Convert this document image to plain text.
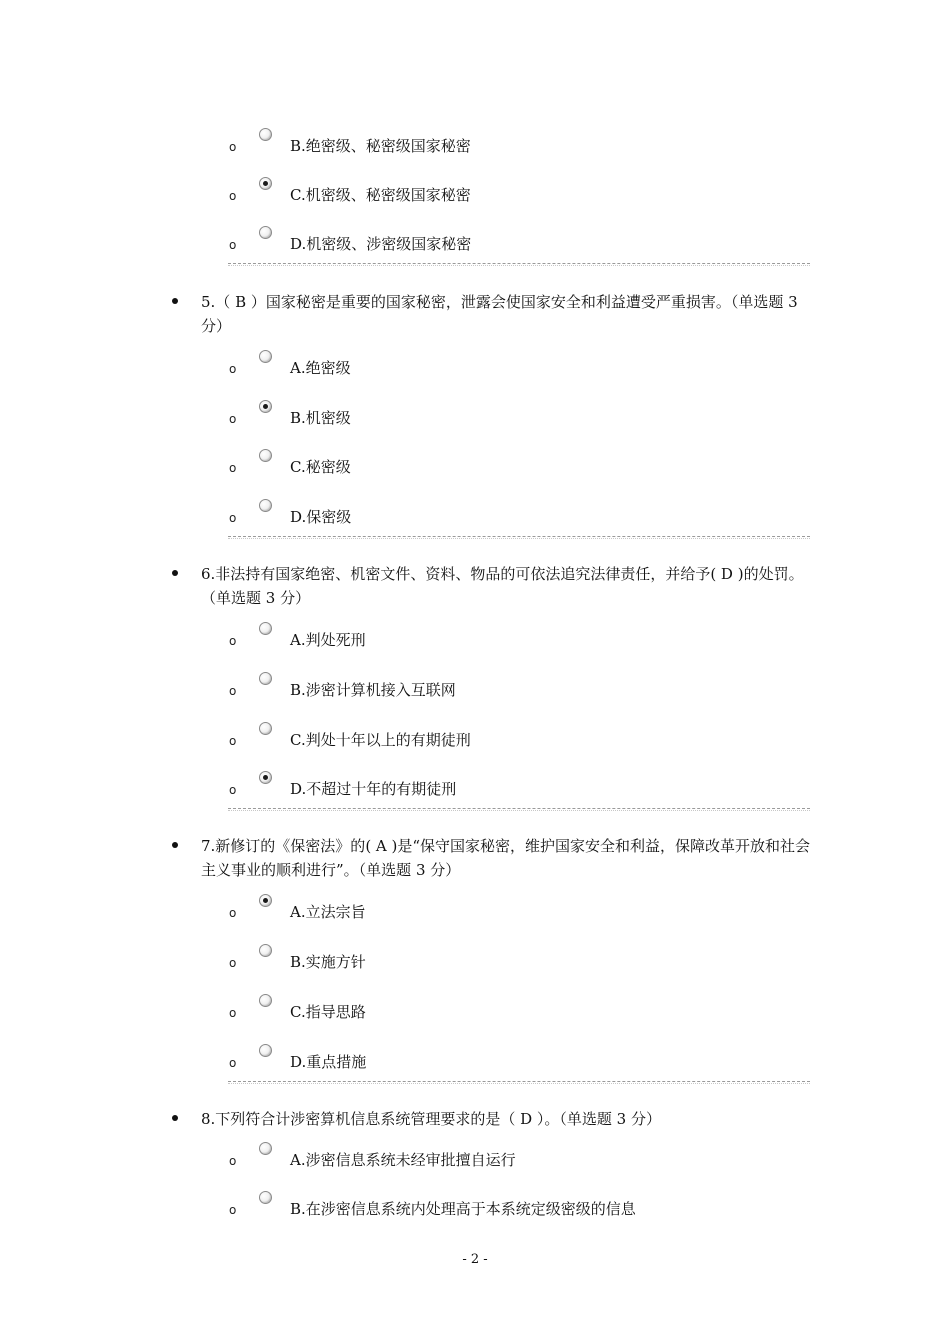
o	B.绝密级、秘密级国家秘密
o	C.机密级、秘密级国家秘密
o	D.机密级、涉密级国家秘密
5.（ B ）国家秘密是重要的国家秘密，泄露会使国家安全和利益遭受严重损害。（单选题 3 分）
o	A.绝密级
o	B.机密级
o	C.秘密级
o	D.保密级
6.非法持有国家绝密、机密文件、资料、物品的可依法追究法律责任，并给予( D )的处罚。（单选题 3 分）
o	A.判处死刑
o	B.涉密计算机接入互联网
o	C.判处十年以上的有期徒刑
o	D.不超过十年的有期徒刑
7.新修订的《保密法》的( A )是“保守国家秘密，维护国家安全和利益，保障改革开放和社会主义事业的顺利进行”。（单选题 3 分）
o	A.立法宗旨
o	B.实施方针
o	C.指导思路
o	D.重点措施
8.下列符合计涉密算机信息系统管理要求的是（ D ）。（单选题 3 分）
o	A.涉密信息系统未经审批擅自运行
o	B.在涉密信息系统内处理高于本系统定级密级的信息
- 2 -
